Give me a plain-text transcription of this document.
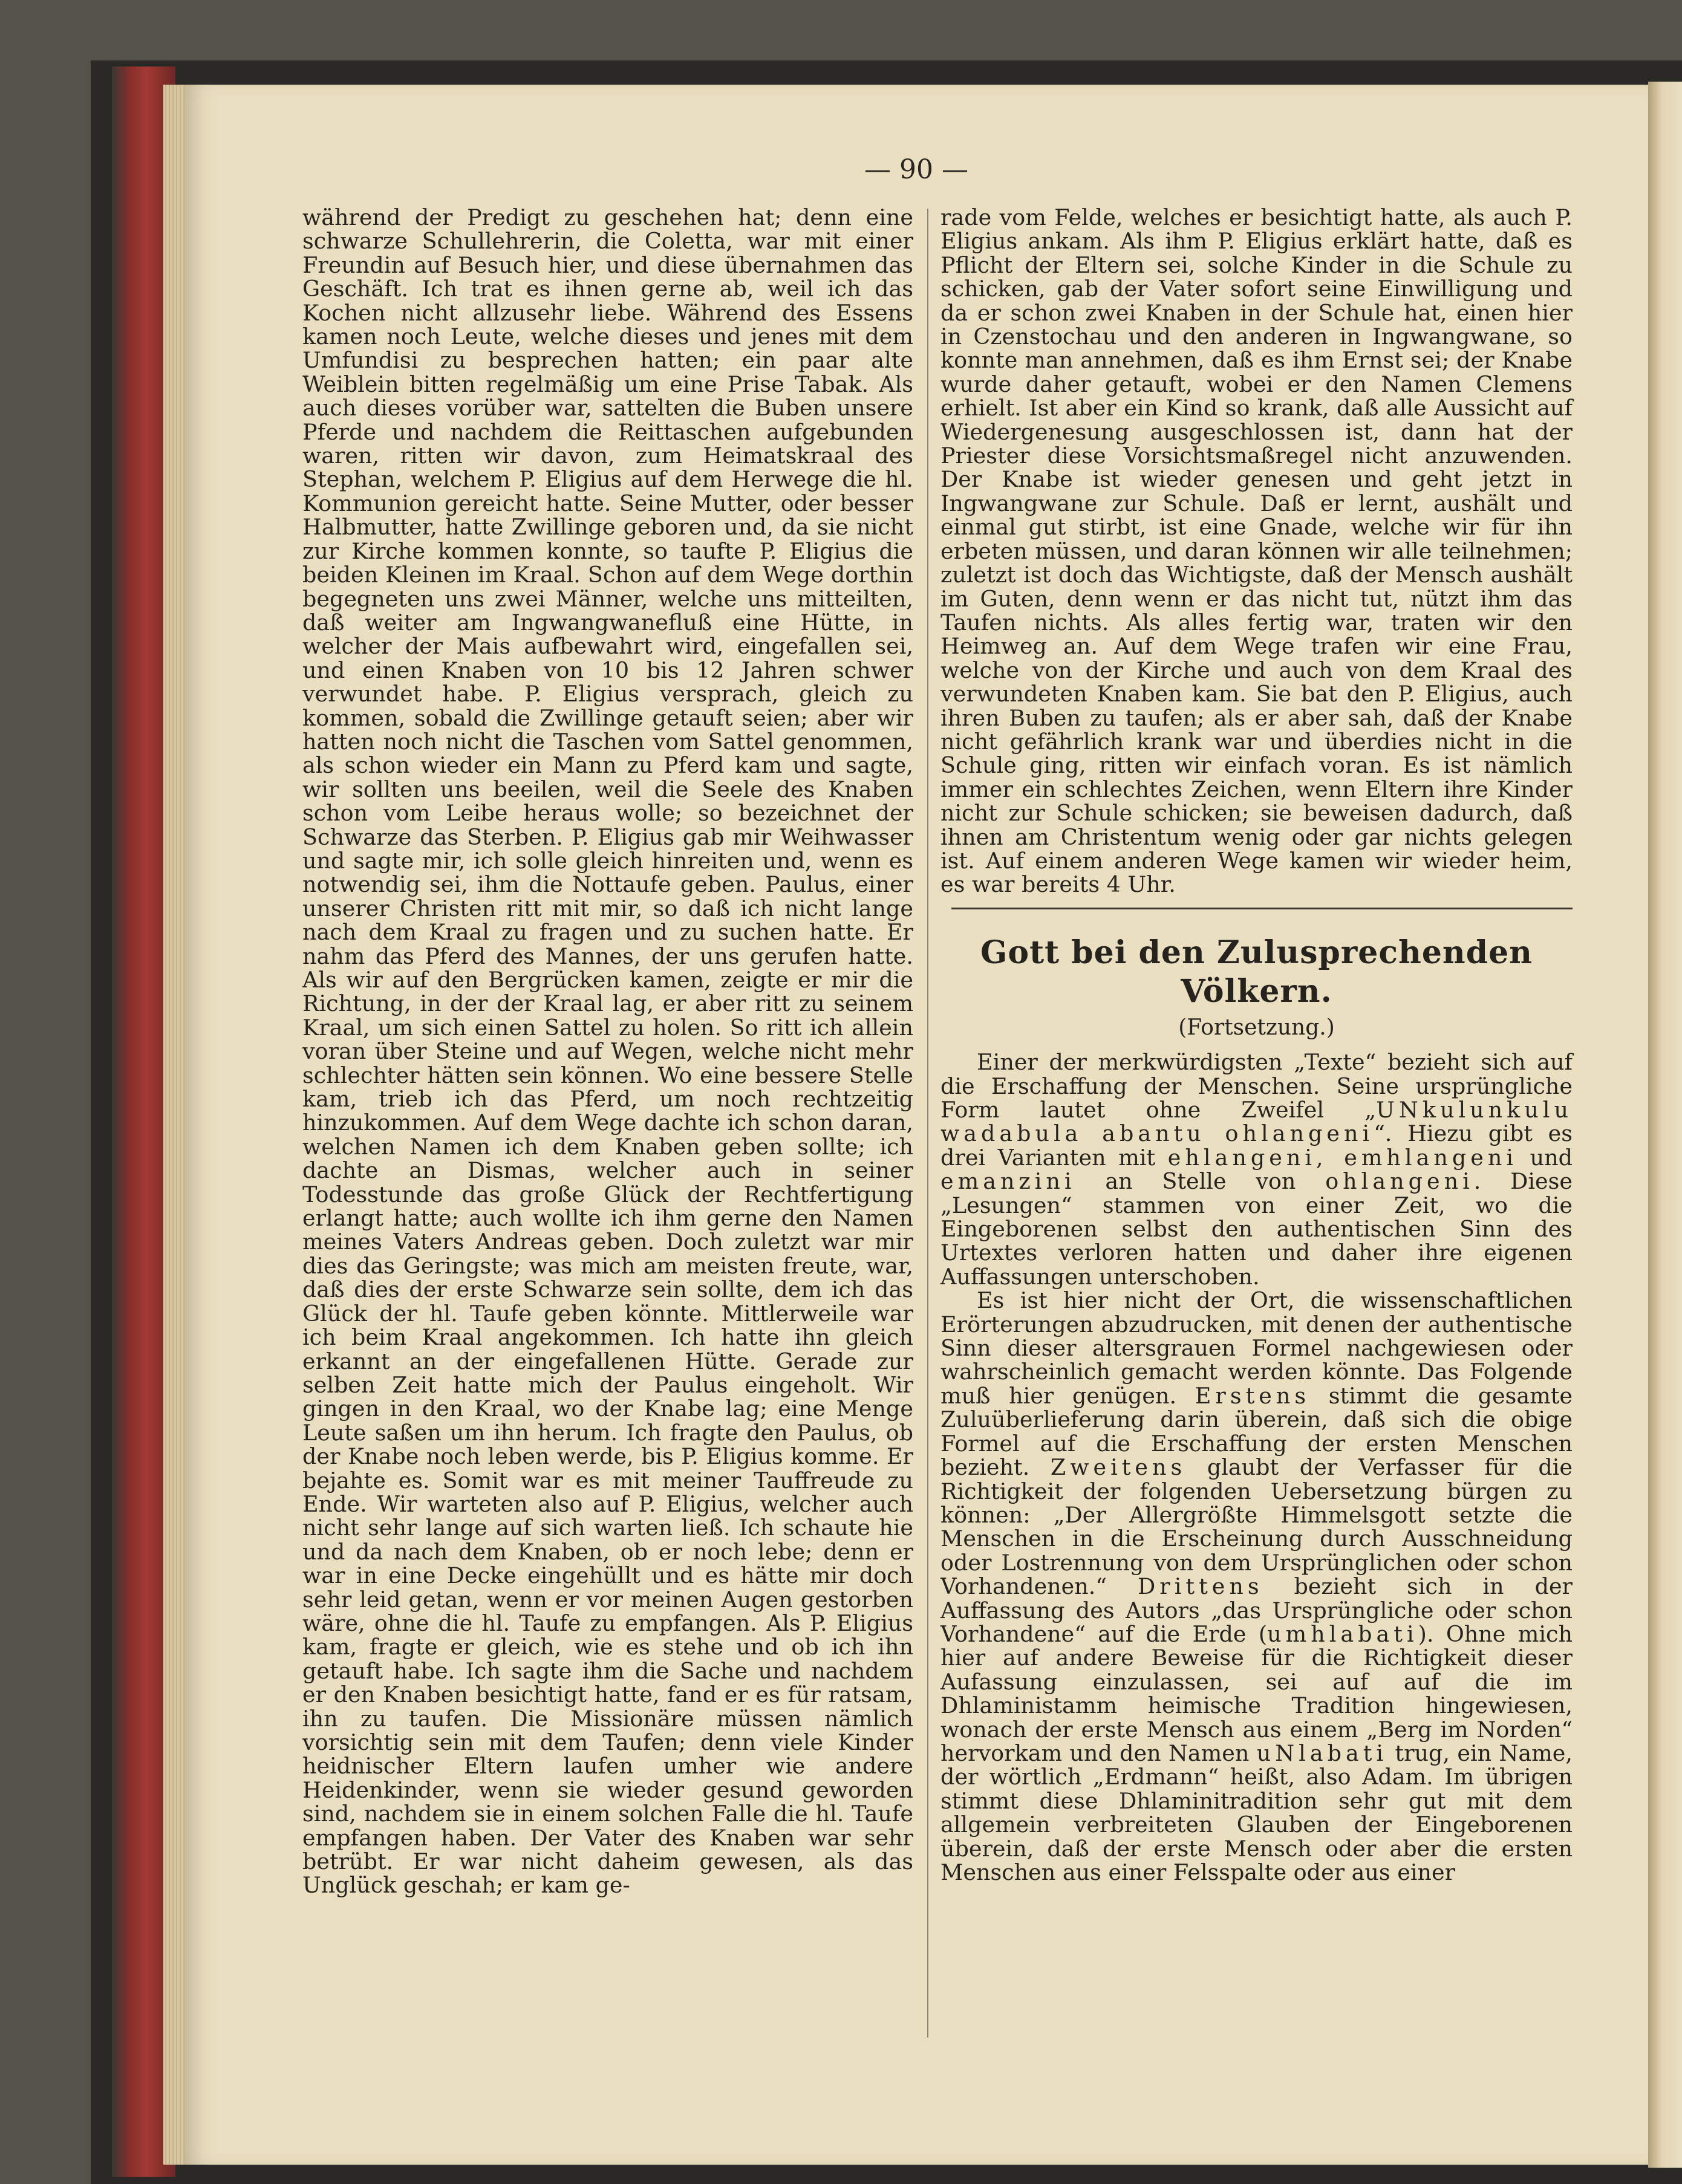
— 90 —

während der Predigt zu geschehen hat; denn eine schwarze Schullehrerin, die Coletta, war mit einer Freundin auf Besuch hier, und diese übernahmen das Geschäft. Ich trat es ihnen gerne ab, weil ich das Kochen nicht allzusehr liebe. Während des Essens kamen noch Leute, welche dieses und jenes mit dem Umfundisi zu besprechen hatten; ein paar alte Weiblein bitten regelmäßig um eine Prise Tabak. Als auch dieses vorüber war, sattelten die Buben unsere Pferde und nachdem die Reittaschen aufgebunden waren, ritten wir davon, zum Heimatskraal des Stephan, welchem P. Eligius auf dem Herwege die hl. Kommunion gereicht hatte. Seine Mutter, oder besser Halbmutter, hatte Zwillinge geboren und, da sie nicht zur Kirche kommen konnte, so taufte P. Eligius die beiden Kleinen im Kraal. Schon auf dem Wege dorthin begegneten uns zwei Männer, welche uns mitteilten, daß weiter am Ingwangwanefluß eine Hütte, in welcher der Mais aufbewahrt wird, eingefallen sei, und einen Knaben von 10 bis 12 Jahren schwer verwundet habe. P. Eligius versprach, gleich zu kommen, sobald die Zwillinge getauft seien; aber wir hatten noch nicht die Taschen vom Sattel genommen, als schon wieder ein Mann zu Pferd kam und sagte, wir sollten uns beeilen, weil die Seele des Knaben schon vom Leibe heraus wolle; so bezeichnet der Schwarze das Sterben. P. Eligius gab mir Weihwasser und sagte mir, ich solle gleich hinreiten und, wenn es notwendig sei, ihm die Nottaufe geben. Paulus, einer unserer Christen ritt mit mir, so daß ich nicht lange nach dem Kraal zu fragen und zu suchen hatte. Er nahm das Pferd des Mannes, der uns gerufen hatte. Als wir auf den Bergrücken kamen, zeigte er mir die Richtung, in der der Kraal lag, er aber ritt zu seinem Kraal, um sich einen Sattel zu holen. So ritt ich allein voran über Steine und auf Wegen, welche nicht mehr schlechter hätten sein können. Wo eine bessere Stelle kam, trieb ich das Pferd, um noch rechtzeitig hinzukommen. Auf dem Wege dachte ich schon daran, welchen Namen ich dem Knaben geben sollte; ich dachte an Dismas, welcher auch in seiner Todesstunde das große Glück der Rechtfertigung erlangt hatte; auch wollte ich ihm gerne den Namen meines Vaters Andreas geben. Doch zuletzt war mir dies das Geringste; was mich am meisten freute, war, daß dies der erste Schwarze sein sollte, dem ich das Glück der hl. Taufe geben könnte. Mittlerweile war ich beim Kraal angekommen. Ich hatte ihn gleich erkannt an der eingefallenen Hütte. Gerade zur selben Zeit hatte mich der Paulus eingeholt. Wir gingen in den Kraal, wo der Knabe lag; eine Menge Leute saßen um ihn herum. Ich fragte den Paulus, ob der Knabe noch leben werde, bis P. Eligius komme. Er bejahte es. Somit war es mit meiner Tauffreude zu Ende. Wir warteten also auf P. Eligius, welcher auch nicht sehr lange auf sich warten ließ. Ich schaute hie und da nach dem Knaben, ob er noch lebe; denn er war in eine Decke eingehüllt und es hätte mir doch sehr leid getan, wenn er vor meinen Augen gestorben wäre, ohne die hl. Taufe zu empfangen. Als P. Eligius kam, fragte er gleich, wie es stehe und ob ich ihn getauft habe. Ich sagte ihm die Sache und nachdem er den Knaben besichtigt hatte, fand er es für ratsam, ihn zu taufen. Die Missionäre müssen nämlich vorsichtig sein mit dem Taufen; denn viele Kinder heidnischer Eltern laufen umher wie andere Heidenkinder, wenn sie wieder gesund geworden sind, nachdem sie in einem solchen Falle die hl. Taufe empfangen haben. Der Vater des Knaben war sehr betrübt. Er war nicht daheim gewesen, als das Unglück geschah; er kam ge-

rade vom Felde, welches er besichtigt hatte, als auch P. Eligius ankam. Als ihm P. Eligius erklärt hatte, daß es Pflicht der Eltern sei, solche Kinder in die Schule zu schicken, gab der Vater sofort seine Einwilligung und da er schon zwei Knaben in der Schule hat, einen hier in Czenstochau und den anderen in Ingwangwane, so konnte man annehmen, daß es ihm Ernst sei; der Knabe wurde daher getauft, wobei er den Namen Clemens erhielt. Ist aber ein Kind so krank, daß alle Aussicht auf Wiedergenesung ausgeschlossen ist, dann hat der Priester diese Vorsichtsmaßregel nicht anzuwenden. Der Knabe ist wieder genesen und geht jetzt in Ingwangwane zur Schule. Daß er lernt, aushält und einmal gut stirbt, ist eine Gnade, welche wir für ihn erbeten müssen, und daran können wir alle teilnehmen; zuletzt ist doch das Wichtigste, daß der Mensch aushält im Guten, denn wenn er das nicht tut, nützt ihm das Taufen nichts. Als alles fertig war, traten wir den Heimweg an. Auf dem Wege trafen wir eine Frau, welche von der Kirche und auch von dem Kraal des verwundeten Knaben kam. Sie bat den P. Eligius, auch ihren Buben zu taufen; als er aber sah, daß der Knabe nicht gefährlich krank war und überdies nicht in die Schule ging, ritten wir einfach voran. Es ist nämlich immer ein schlechtes Zeichen, wenn Eltern ihre Kinder nicht zur Schule schicken; sie beweisen dadurch, daß ihnen am Christentum wenig oder gar nichts gelegen ist. Auf einem anderen Wege kamen wir wieder heim, es war bereits 4 Uhr.

Gott bei den Zulusprechenden Völkern.
(Fortsetzung.)

Einer der merkwürdigsten „Texte“ bezieht sich auf die Erschaffung der Menschen. Seine ursprüngliche Form lautet ohne Zweifel „UNkulunkulu wadabula abantu ohlangeni“. Hiezu gibt es drei Varianten mit ehlangeni, emhlangeni und emanzini an Stelle von ohlangeni. Diese „Lesungen“ stammen von einer Zeit, wo die Eingeborenen selbst den authentischen Sinn des Urtextes verloren hatten und daher ihre eigenen Auffassungen unterschoben.

Es ist hier nicht der Ort, die wissenschaftlichen Erörterungen abzudrucken, mit denen der authentische Sinn dieser altersgrauen Formel nachgewiesen oder wahrscheinlich gemacht werden könnte. Das Folgende muß hier genügen. Erstens stimmt die gesamte Zuluüberlieferung darin überein, daß sich die obige Formel auf die Erschaffung der ersten Menschen bezieht. Zweitens glaubt der Verfasser für die Richtigkeit der folgenden Uebersetzung bürgen zu können: „Der Allergrößte Himmelsgott setzte die Menschen in die Erscheinung durch Ausschneidung oder Lostrennung von dem Ursprünglichen oder schon Vorhandenen.“ Drittens bezieht sich in der Auffassung des Autors „das Ursprüngliche oder schon Vorhandene“ auf die Erde (umhlabati). Ohne mich hier auf andere Beweise für die Richtigkeit dieser Aufassung einzulassen, sei auf auf die im Dhlaministamm heimische Tradition hingewiesen, wonach der erste Mensch aus einem „Berg im Norden“ hervorkam und den Namen uNlabati trug, ein Name, der wörtlich „Erdmann“ heißt, also Adam. Im übrigen stimmt diese Dhlaminitradition sehr gut mit dem allgemein verbreiteten Glauben der Eingeborenen überein, daß der erste Mensch oder aber die ersten Menschen aus einer Felsspalte oder aus einer
